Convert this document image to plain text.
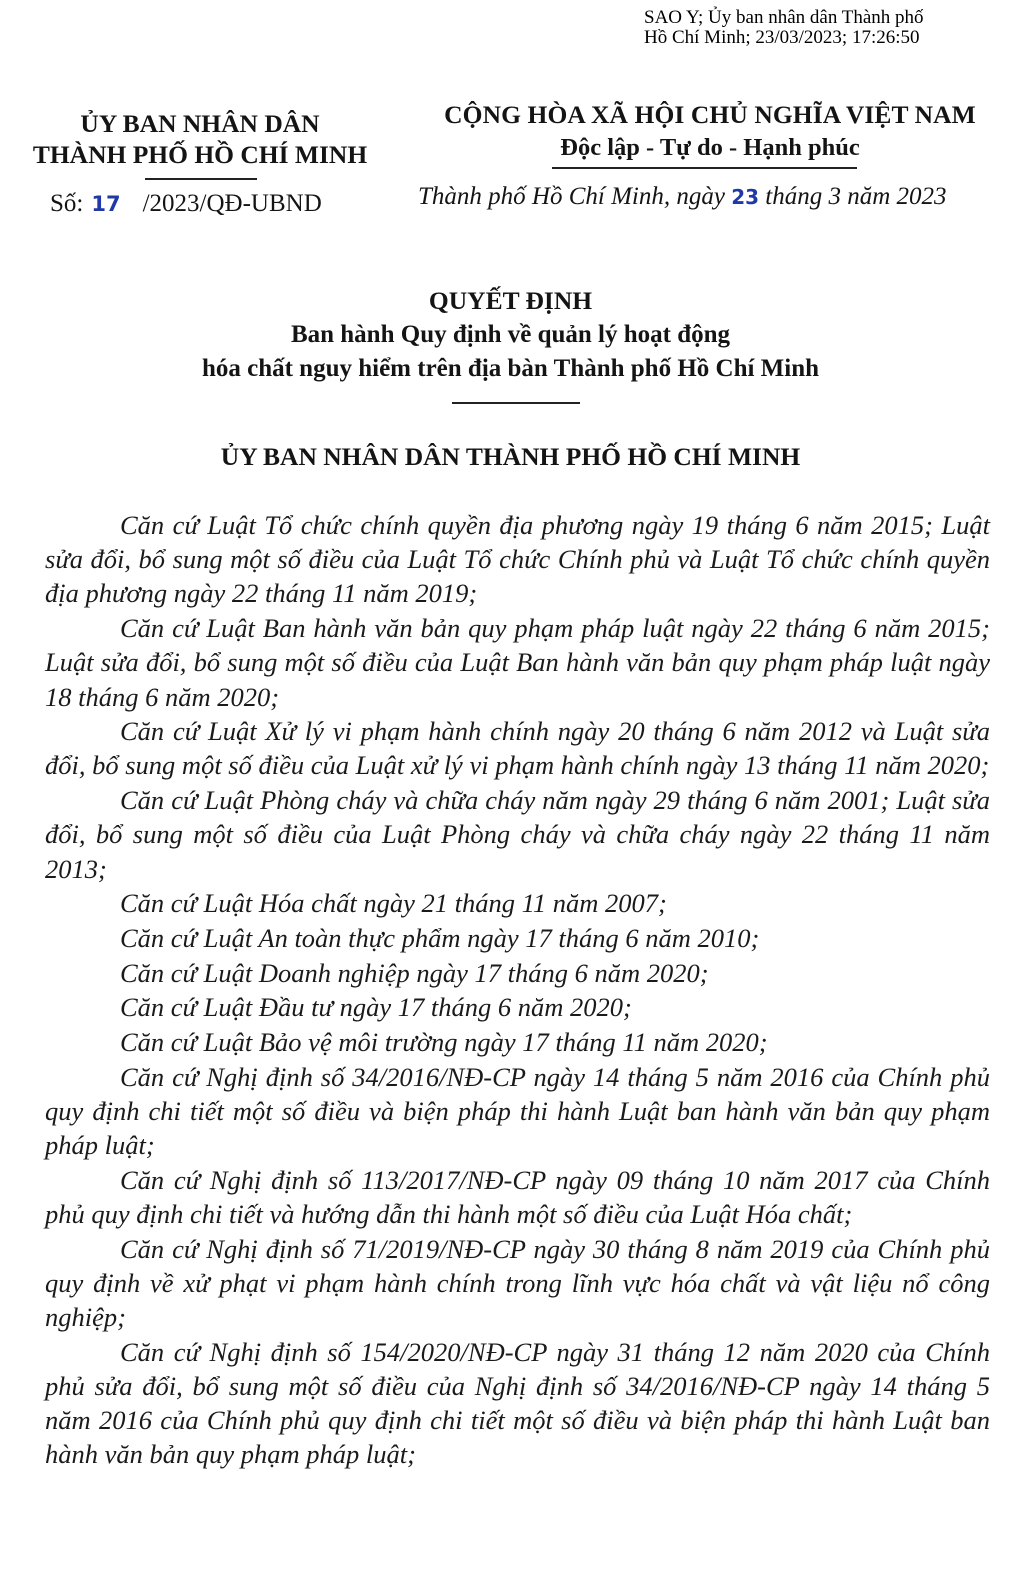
SAO Y; Ủy ban nhân dân Thành phố
Hồ Chí Minh; 23/03/2023; 17:26:50
ỦY BAN NHÂN DÂN
THÀNH PHỐ HỒ CHÍ MINH
CỘNG HÒA XÃ HỘI CHỦ NGHĨA VIỆT NAM
Độc lập - Tự do - Hạnh phúc
Số: 17 /2023/QĐ-UBND	Thành phố Hồ Chí Minh, ngày 23 tháng 3 năm 2023
QUYẾT ĐỊNH
Ban hành Quy định về quản lý hoạt động
hóa chất nguy hiểm trên địa bàn Thành phố Hồ Chí Minh
ỦY BAN NHÂN DÂN THÀNH PHỐ HỒ CHÍ MINH

Căn cứ Luật Tổ chức chính quyền địa phương ngày 19 tháng 6 năm 2015; Luật sửa đổi, bổ sung một số điều của Luật Tổ chức Chính phủ và Luật Tổ chức chính quyền địa phương ngày 22 tháng 11 năm 2019;

Căn cứ Luật Ban hành văn bản quy phạm pháp luật ngày 22 tháng 6 năm 2015; Luật sửa đổi, bổ sung một số điều của Luật Ban hành văn bản quy phạm pháp luật ngày 18 tháng 6 năm 2020;

Căn cứ Luật Xử lý vi phạm hành chính ngày 20 tháng 6 năm 2012 và Luật sửa đổi, bổ sung một số điều của Luật xử lý vi phạm hành chính ngày 13 tháng 11 năm 2020;

Căn cứ Luật Phòng cháy và chữa cháy năm ngày 29 tháng 6 năm 2001; Luật sửa đổi, bổ sung một số điều của Luật Phòng cháy và chữa cháy ngày 22 tháng 11 năm 2013;

Căn cứ Luật Hóa chất ngày 21 tháng 11 năm 2007;

Căn cứ Luật An toàn thực phẩm ngày 17 tháng 6 năm 2010;

Căn cứ Luật Doanh nghiệp ngày 17 tháng 6 năm 2020;

Căn cứ Luật Đầu tư ngày 17 tháng 6 năm 2020;

Căn cứ Luật Bảo vệ môi trường ngày 17 tháng 11 năm 2020;

Căn cứ Nghị định số 34/2016/NĐ-CP ngày 14 tháng 5 năm 2016 của Chính phủ quy định chi tiết một số điều và biện pháp thi hành Luật ban hành văn bản quy phạm pháp luật;

Căn cứ Nghị định số 113/2017/NĐ-CP ngày 09 tháng 10 năm 2017 của Chính phủ quy định chi tiết và hướng dẫn thi hành một số điều của Luật Hóa chất;

Căn cứ Nghị định số 71/2019/NĐ-CP ngày 30 tháng 8 năm 2019 của Chính phủ quy định về xử phạt vi phạm hành chính trong lĩnh vực hóa chất và vật liệu nổ công nghiệp;

Căn cứ Nghị định số 154/2020/NĐ-CP ngày 31 tháng 12 năm 2020 của Chính phủ sửa đổi, bổ sung một số điều của Nghị định số 34/2016/NĐ-CP ngày 14 tháng 5 năm 2016 của Chính phủ quy định chi tiết một số điều và biện pháp thi hành Luật ban hành văn bản quy phạm pháp luật;
